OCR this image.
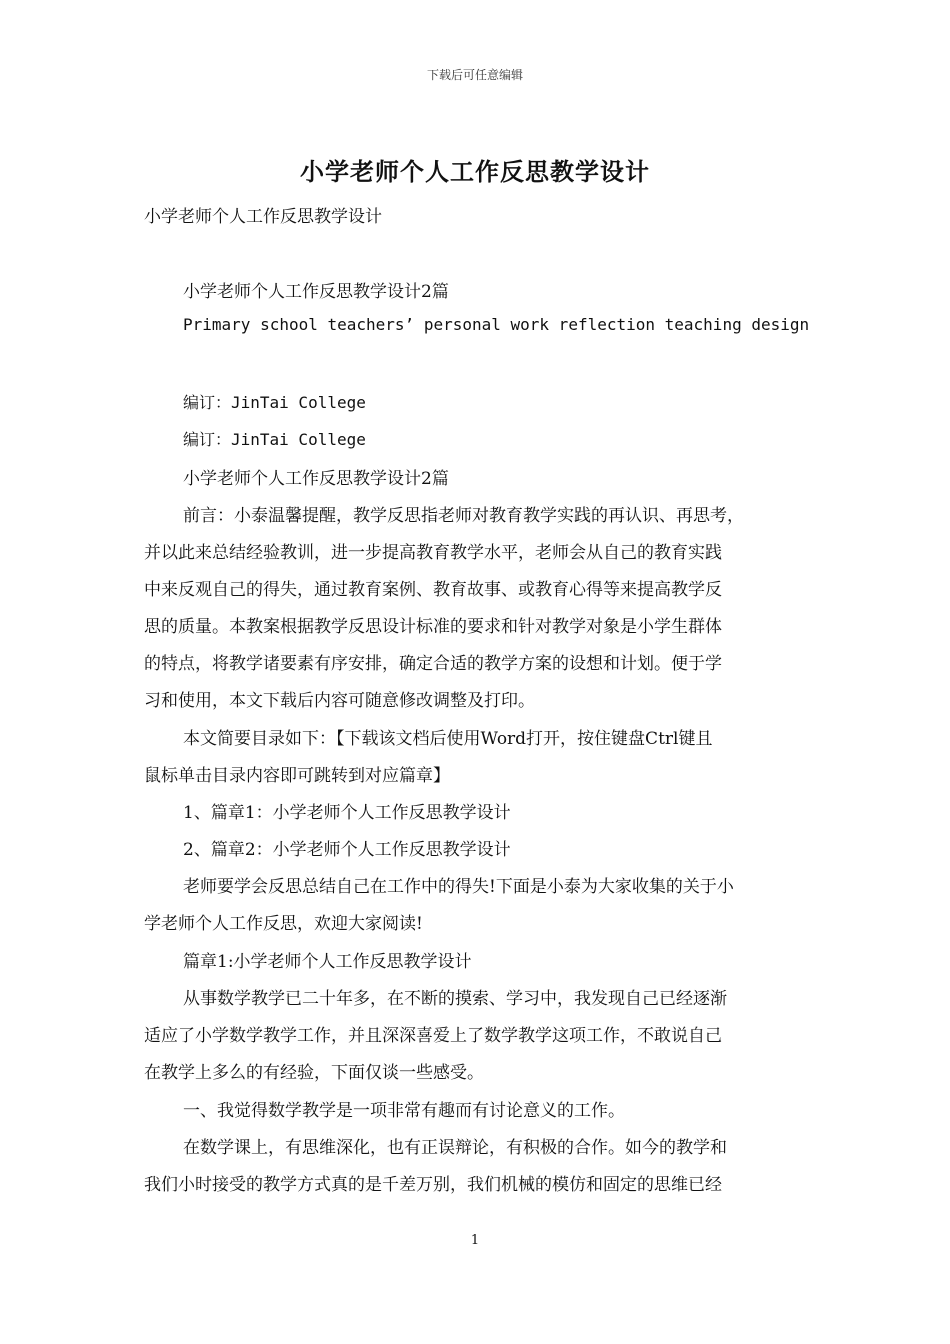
下载后可任意编辑
小学老师个人工作反思教学设计
小学老师个人工作反思教学设计
小学老师个人工作反思教学设计2篇
Primary school teachers’ personal work reflection teaching design
编订：JinTai College
编订：JinTai College
小学老师个人工作反思教学设计2篇
前言：小泰温馨提醒，教学反思指老师对教育教学实践的再认识、再思考，
并以此来总结经验教训，进一步提高教育教学水平，老师会从自己的教育实践
中来反观自己的得失，通过教育案例、教育故事、或教育心得等来提高教学反
思的质量。本教案根据教学反思设计标准的要求和针对教学对象是小学生群体
的特点，将教学诸要素有序安排，确定合适的教学方案的设想和计划。便于学
习和使用，本文下载后内容可随意修改调整及打印。
本文简要目录如下：【下载该文档后使用Word打开，按住键盘Ctrl键且
鼠标单击目录内容即可跳转到对应篇章】
1、篇章1：小学老师个人工作反思教学设计
2、篇章2：小学老师个人工作反思教学设计
老师要学会反思总结自己在工作中的得失!下面是小泰为大家收集的关于小
学老师个人工作反思，欢迎大家阅读!
篇章1:小学老师个人工作反思教学设计
从事数学教学已二十年多，在不断的摸索、学习中，我发现自己已经逐渐
适应了小学数学教学工作，并且深深喜爱上了数学教学这项工作，不敢说自己
在教学上多么的有经验，下面仅谈一些感受。
一、我觉得数学教学是一项非常有趣而有讨论意义的工作。
在数学课上，有思维深化，也有正误辩论，有积极的合作。如今的教学和
我们小时接受的教学方式真的是千差万别，我们机械的模仿和固定的思维已经
1
